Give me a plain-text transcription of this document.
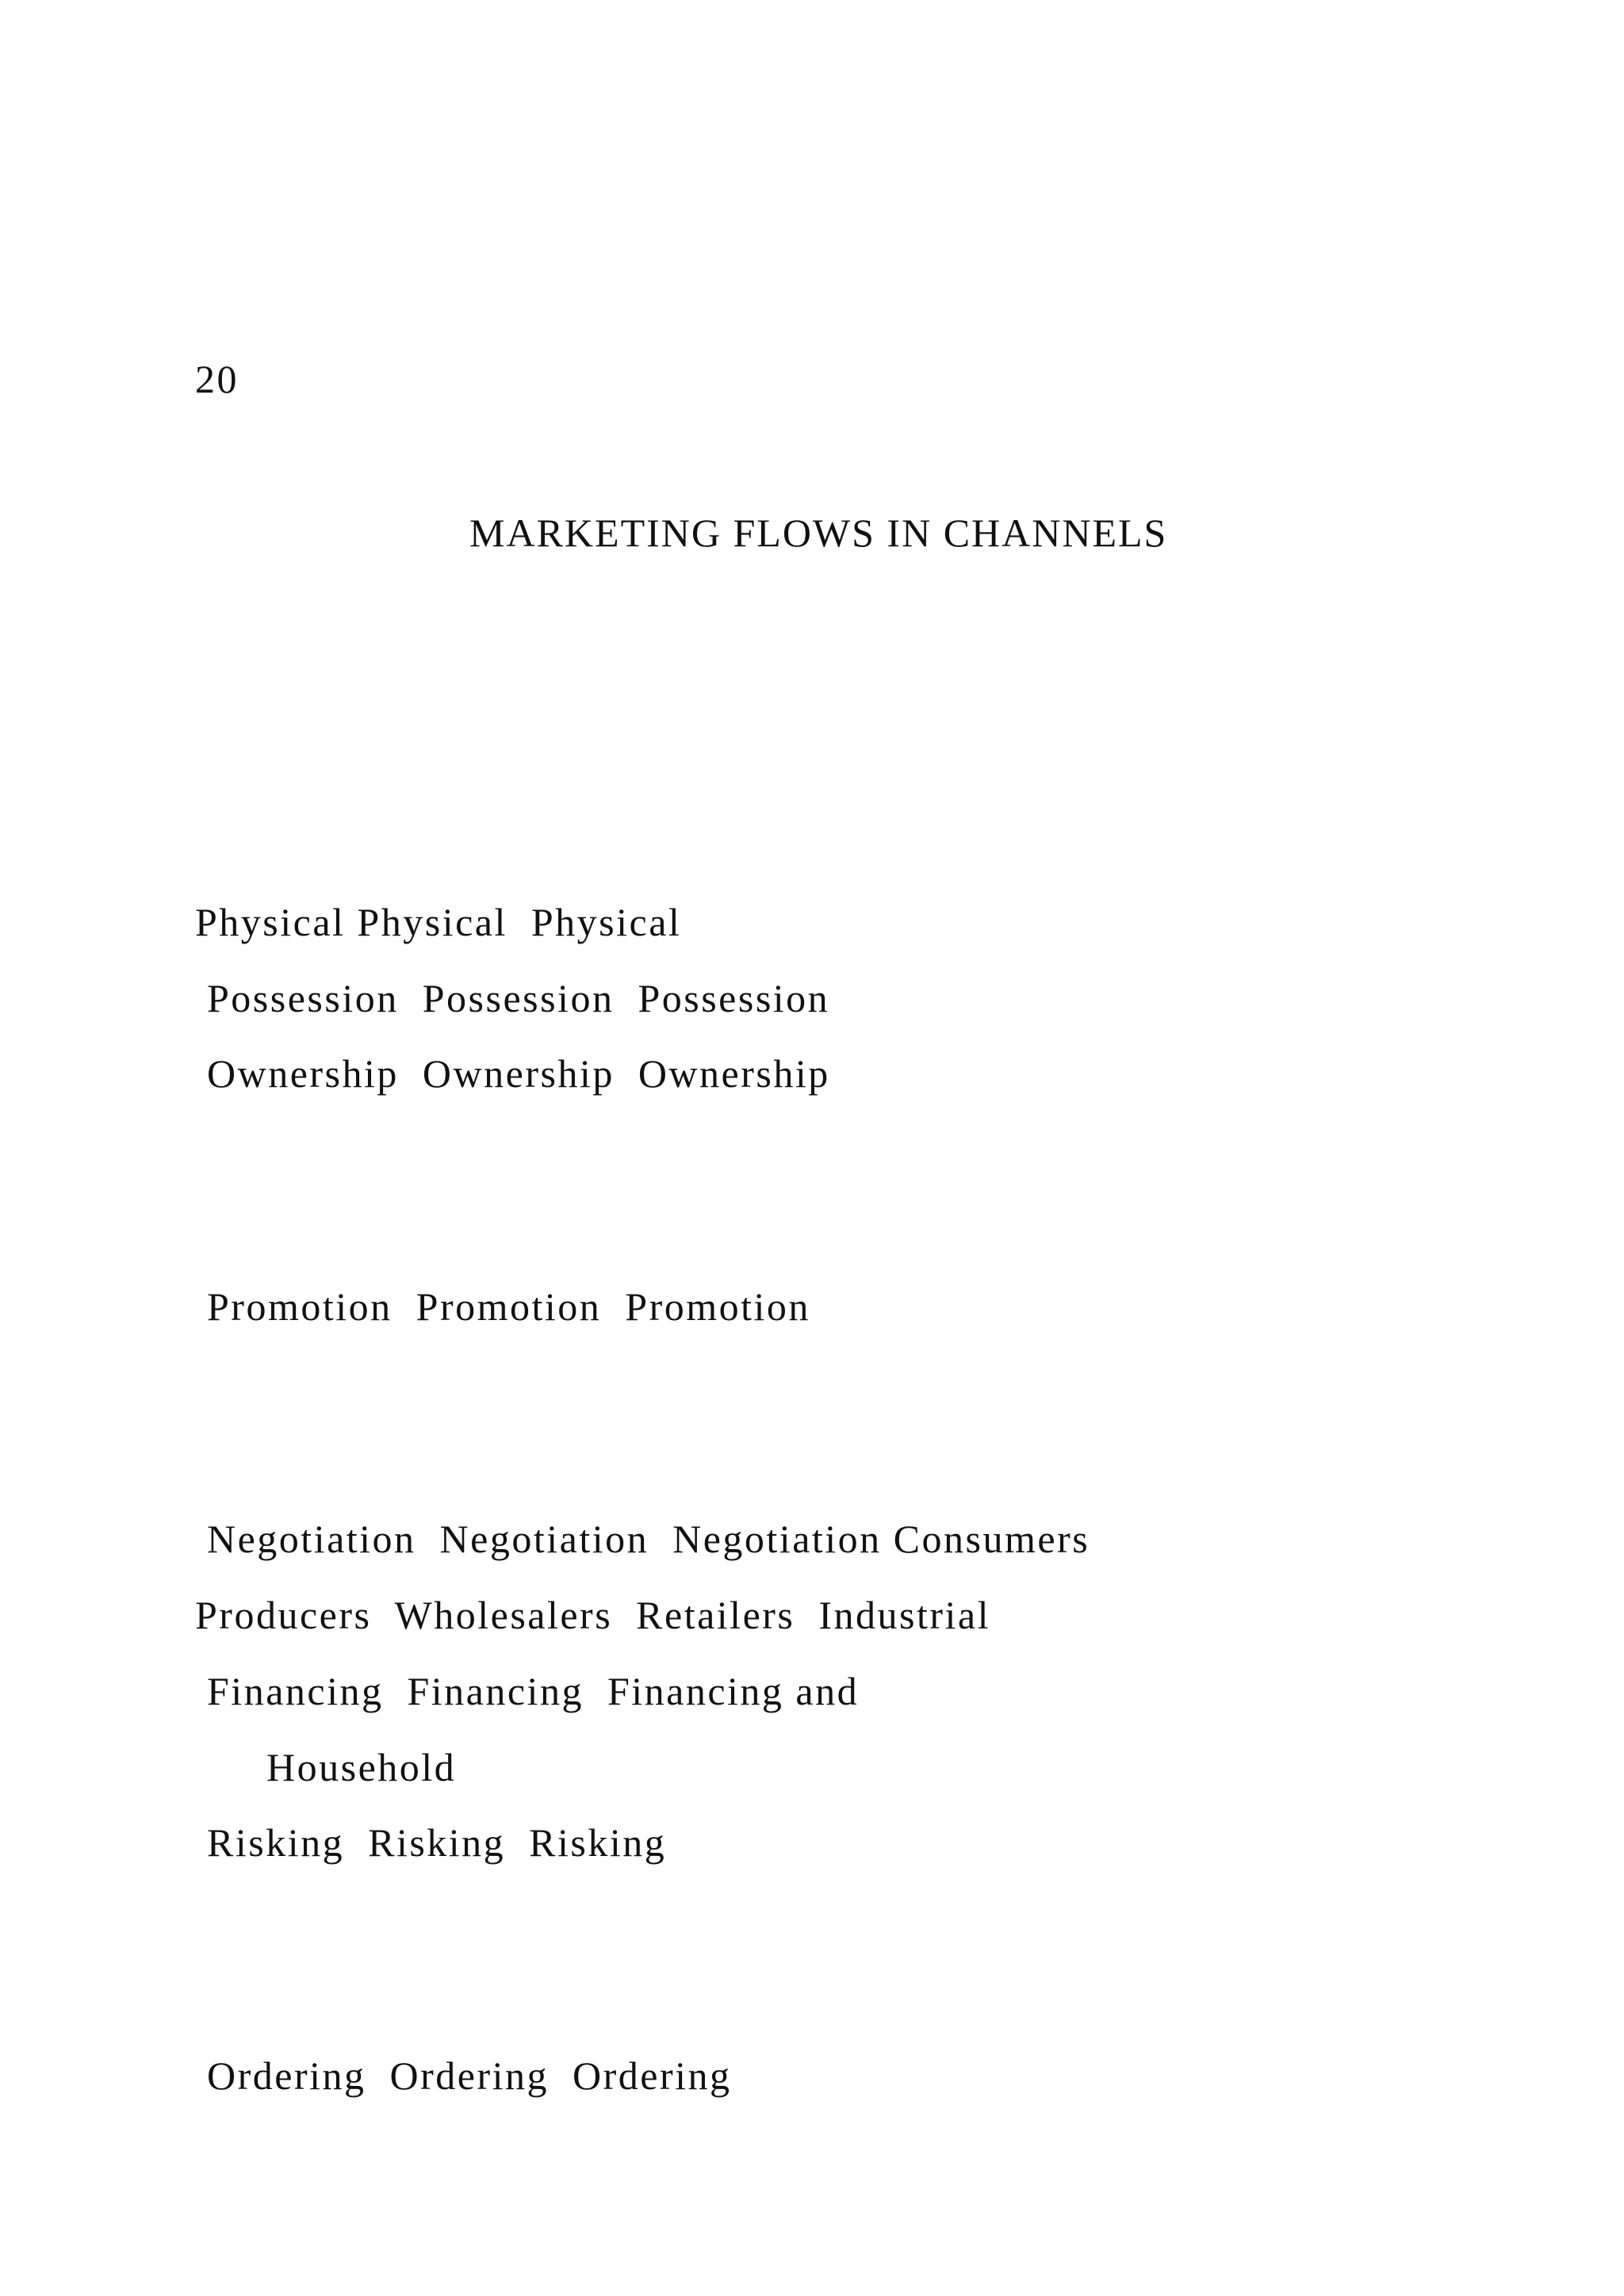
20
MARKETING FLOWS IN CHANNELS
Physical Physical  Physical
Possession  Possession  Possession
Ownership  Ownership  Ownership
Promotion  Promotion  Promotion
Negotiation  Negotiation  Negotiation Consumers
Producers  Wholesalers  Retailers  Industrial
Financing  Financing  Financing and
Household
Risking  Risking  Risking
Ordering  Ordering  Ordering
